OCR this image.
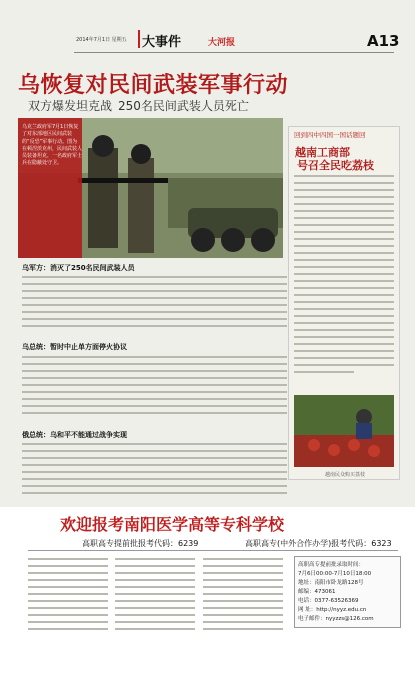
2014年7月1日 星期五 大事件	大河报	A13
乌恢复对民间武装军事行动
双方爆发坦克战 250名民间武装人员死亡
乌克兰政府军7月1日恢复了对东部地区民间武装的“反恐”军事行动。图为在顿涅茨克州，民间武装人员装备坦克，一名政府军士兵在隐蔽处守卫。
乌军方：消灭了250名民间武装人员
乌总统：暂时中止单方面停火协议
俄总统：乌和平不能通过战争实现
回到四中四国一国话题回
越南工商部
号召全民吃荔枝
越南民众购买荔枝
欢迎报考南阳医学高等专科学校
高职高专提前批报考代码：6239	高职高专(中外合作办学)报考代码：6323
高职高专提前批录取时间：
7月6日00:00-7月10日18:00
地址：南阳市卧龙路128号
邮编：473061
电话：0377-63526369
网 址：http://nyyz.edu.cn
电子邮件：nyyzzs@126.com
